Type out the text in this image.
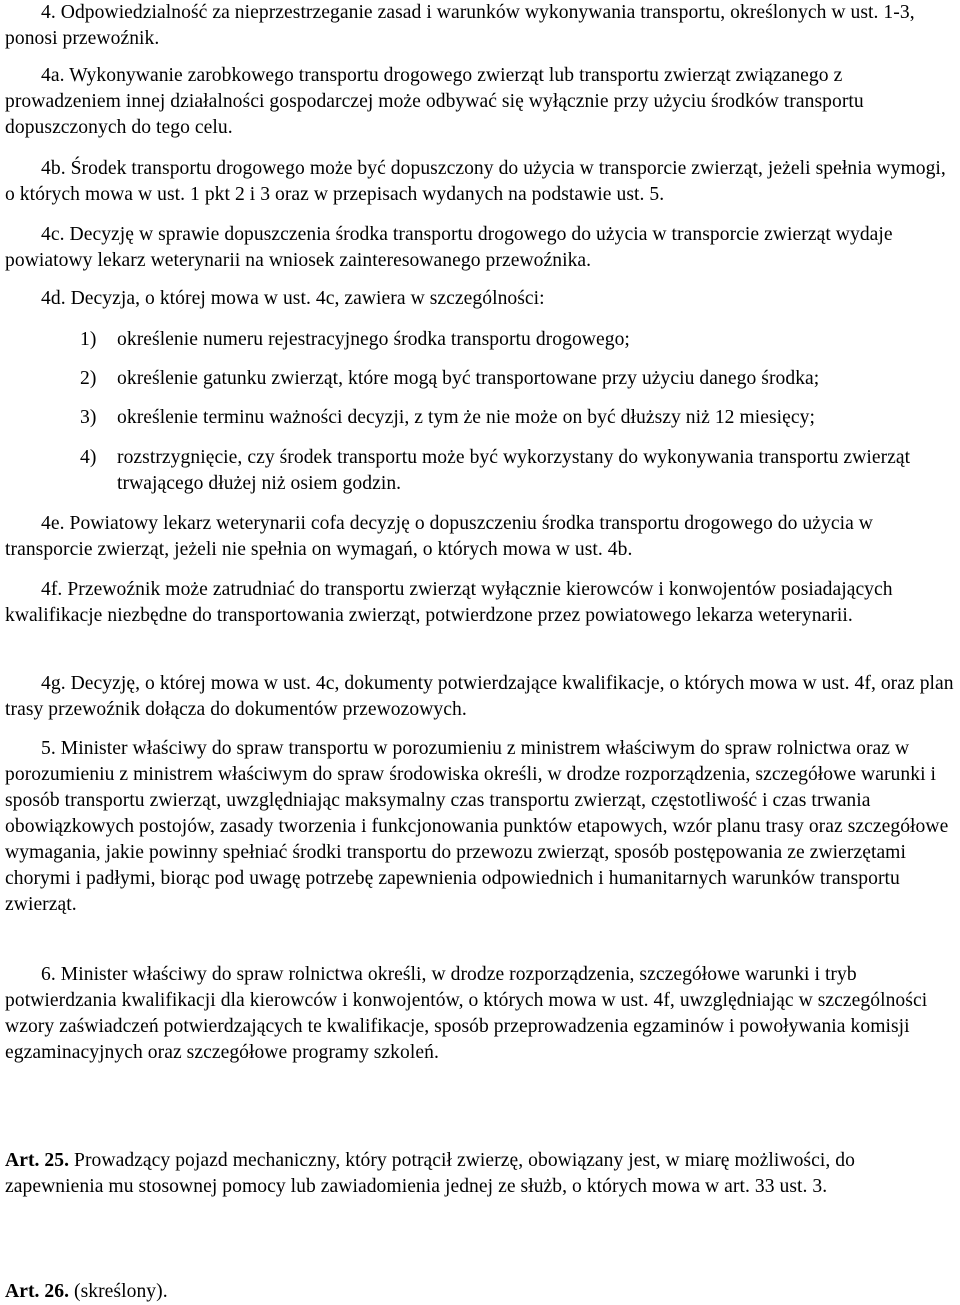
4. Odpowiedzialność za nieprzestrzeganie zasad i warunków wykonywania transportu, określonych w ust. 1-3, ponosi przewoźnik.

4a. Wykonywanie zarobkowego transportu drogowego zwierząt lub transportu zwierząt związanego z prowadzeniem innej działalności gospodarczej może odbywać się wyłącznie przy użyciu środków transportu dopuszczonych do tego celu.

4b. Środek transportu drogowego może być dopuszczony do użycia w transporcie zwierząt, jeżeli spełnia wymogi, o których mowa w ust. 1 pkt 2 i 3 oraz w przepisach wydanych na podstawie ust. 5.

4c. Decyzję w sprawie dopuszczenia środka transportu drogowego do użycia w transporcie zwierząt wydaje powiatowy lekarz weterynarii na wniosek zainteresowanego przewoźnika.

4d. Decyzja, o której mowa w ust. 4c, zawiera w szczególności:

1) określenie numeru rejestracyjnego środka transportu drogowego;
2) określenie gatunku zwierząt, które mogą być transportowane przy użyciu danego środka;
3) określenie terminu ważności decyzji, z tym że nie może on być dłuższy niż 12 miesięcy;
4) rozstrzygnięcie, czy środek transportu może być wykorzystany do wykonywania transportu zwierząt trwającego dłużej niż osiem godzin.

4e. Powiatowy lekarz weterynarii cofa decyzję o dopuszczeniu środka transportu drogowego do użycia w transporcie zwierząt, jeżeli nie spełnia on wymagań, o których mowa w ust. 4b.

4f. Przewoźnik może zatrudniać do transportu zwierząt wyłącznie kierowców i konwojentów posiadających kwalifikacje niezbędne do transportowania zwierząt, potwierdzone przez powiatowego lekarza weterynarii.

4g. Decyzję, o której mowa w ust. 4c, dokumenty potwierdzające kwalifikacje, o których mowa w ust. 4f, oraz plan trasy przewoźnik dołącza do dokumentów przewozowych.

5. Minister właściwy do spraw transportu w porozumieniu z ministrem właściwym do spraw rolnictwa oraz w porozumieniu z ministrem właściwym do spraw środowiska określi, w drodze rozporządzenia, szczegółowe warunki i sposób transportu zwierząt, uwzględniając maksymalny czas transportu zwierząt, częstotliwość i czas trwania obowiązkowych postojów, zasady tworzenia i funkcjonowania punktów etapowych, wzór planu trasy oraz szczegółowe wymagania, jakie powinny spełniać środki transportu do przewozu zwierząt, sposób postępowania ze zwierzętami chorymi i padłymi, biorąc pod uwagę potrzebę zapewnienia odpowiednich i humanitarnych warunków transportu zwierząt.

6. Minister właściwy do spraw rolnictwa określi, w drodze rozporządzenia, szczegółowe warunki i tryb potwierdzania kwalifikacji dla kierowców i konwojentów, o których mowa w ust. 4f, uwzględniając w szczególności wzory zaświadczeń potwierdzających te kwalifikacje, sposób przeprowadzenia egzaminów i powoływania komisji egzaminacyjnych oraz szczegółowe programy szkoleń.

Art. 25. Prowadzący pojazd mechaniczny, który potrącił zwierzę, obowiązany jest, w miarę możliwości, do zapewnienia mu stosownej pomocy lub zawiadomienia jednej ze służb, o których mowa w art. 33 ust. 3.

Art. 26. (skreślony).
